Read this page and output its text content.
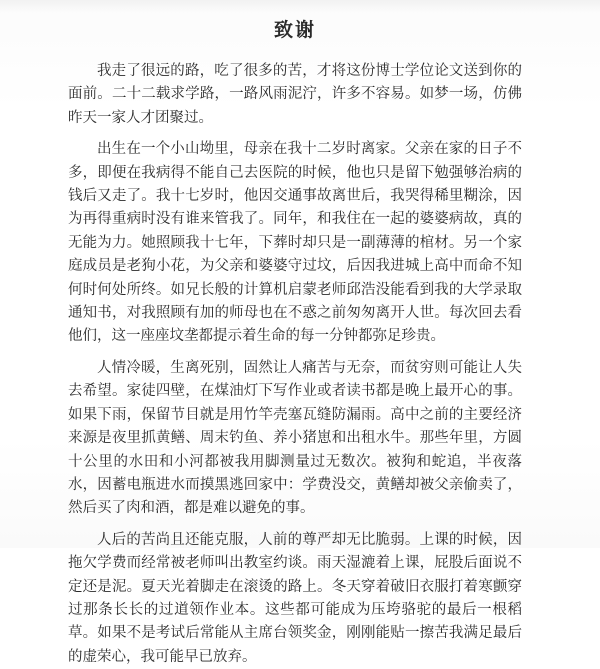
致谢

我走了很远的路，吃了很多的苦，才将这份博士学位论文送到你的面前。二十二载求学路，一路风雨泥泞，许多不容易。如梦一场，仿佛昨天一家人才团聚过。

出生在一个小山坳里，母亲在我十二岁时离家。父亲在家的日子不多，即便在我病得不能自己去医院的时候，他也只是留下勉强够治病的钱后又走了。我十七岁时，他因交通事故离世后，我哭得稀里糊涂，因为再得重病时没有谁来管我了。同年，和我住在一起的婆婆病故，真的无能为力。她照顾我十七年，下葬时却只是一副薄薄的棺材。另一个家庭成员是老狗小花，为父亲和婆婆守过坟，后因我进城上高中而命不知何时何处所终。如兄长般的计算机启蒙老师邱浩没能看到我的大学录取通知书，对我照顾有加的师母也在不惑之前匆匆离开人世。每次回去看他们，这一座座坟垄都提示着生命的每一分钟都弥足珍贵。

人情冷暖，生离死别，固然让人痛苦与无奈，而贫穷则可能让人失去希望。家徒四壁，在煤油灯下写作业或者读书都是晚上最开心的事。如果下雨，保留节目就是用竹竿壳塞瓦缝防漏雨。高中之前的主要经济来源是夜里抓黄鳝、周末钓鱼、养小猪崽和出租水牛。那些年里，方圆十公里的水田和小河都被我用脚测量过无数次。被狗和蛇追，半夜落水，因蓄电瓶进水而摸黑逃回家中：学费没交，黄鳝却被父亲偷卖了，然后买了肉和酒，都是难以避免的事。

人后的苦尚且还能克服，人前的尊严却无比脆弱。上课的时候，因拖欠学费而经常被老师叫出教室约谈。雨天湿漉着上课，屁股后面说不定还是泥。夏天光着脚走在滚烫的路上。冬天穿着破旧衣服打着寒颤穿过那条长长的过道领作业本。这些都可能成为压垮骆驼的最后一根稻草。如果不是考试后常能从主席台领奖金，刚刚能贴一擦苦我满足最后的虚荣心，我可能早已放弃。
